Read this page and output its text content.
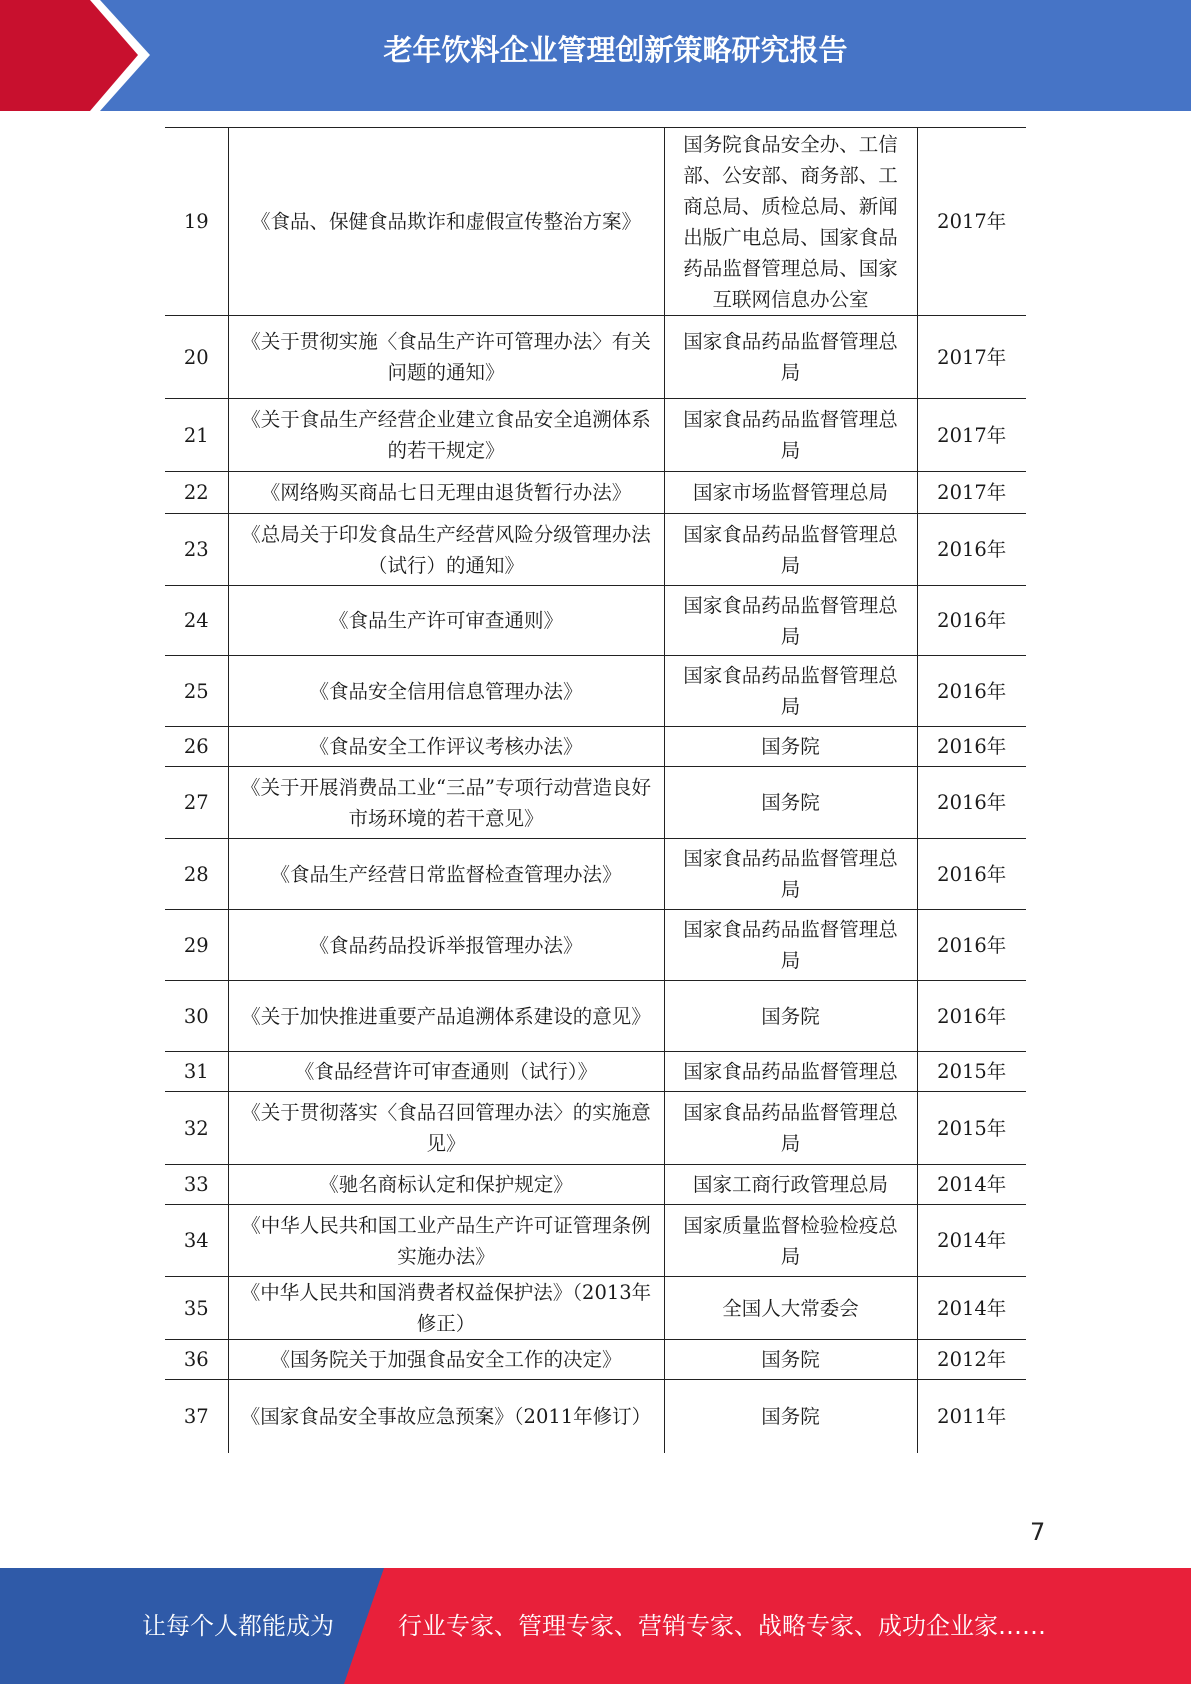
老年饮料企业管理创新策略研究报告
19	《食品、保健食品欺诈和虚假宣传整治方案》	国务院食品安全办、工信部、公安部、商务部、工商总局、质检总局、新闻出版广电总局、国家食品药品监督管理总局、国家互联网信息办公室	2017年
20	《关于贯彻实施〈食品生产许可管理办法〉有关问题的通知》	国家食品药品监督管理总局	2017年
21	《关于食品生产经营企业建立食品安全追溯体系的若干规定》	国家食品药品监督管理总局	2017年
22	《网络购买商品七日无理由退货暂行办法》	国家市场监督管理总局	2017年
23	《总局关于印发食品生产经营风险分级管理办法（试行）的通知》	国家食品药品监督管理总局	2016年
24	《食品生产许可审查通则》	国家食品药品监督管理总局	2016年
25	《食品安全信用信息管理办法》	国家食品药品监督管理总局	2016年
26	《食品安全工作评议考核办法》	国务院	2016年
27	《关于开展消费品工业“三品”专项行动营造良好市场环境的若干意见》	国务院	2016年
28	《食品生产经营日常监督检查管理办法》	国家食品药品监督管理总局	2016年
29	《食品药品投诉举报管理办法》	国家食品药品监督管理总局	2016年
30	《关于加快推进重要产品追溯体系建设的意见》	国务院	2016年
31	《食品经营许可审查通则（试行）》	国家食品药品监督管理总	2015年
32	《关于贯彻落实〈食品召回管理办法〉的实施意见》	国家食品药品监督管理总局	2015年
33	《驰名商标认定和保护规定》	国家工商行政管理总局	2014年
34	《中华人民共和国工业产品生产许可证管理条例实施办法》	国家质量监督检验检疫总局	2014年
35	《中华人民共和国消费者权益保护法》（2013年修正）	全国人大常委会	2014年
36	《国务院关于加强食品安全工作的决定》	国务院	2012年
37	《国家食品安全事故应急预案》（2011年修订）	国务院	2011年
7
让每个人都能成为	行业专家、管理专家、营销专家、战略专家、成功企业家……
